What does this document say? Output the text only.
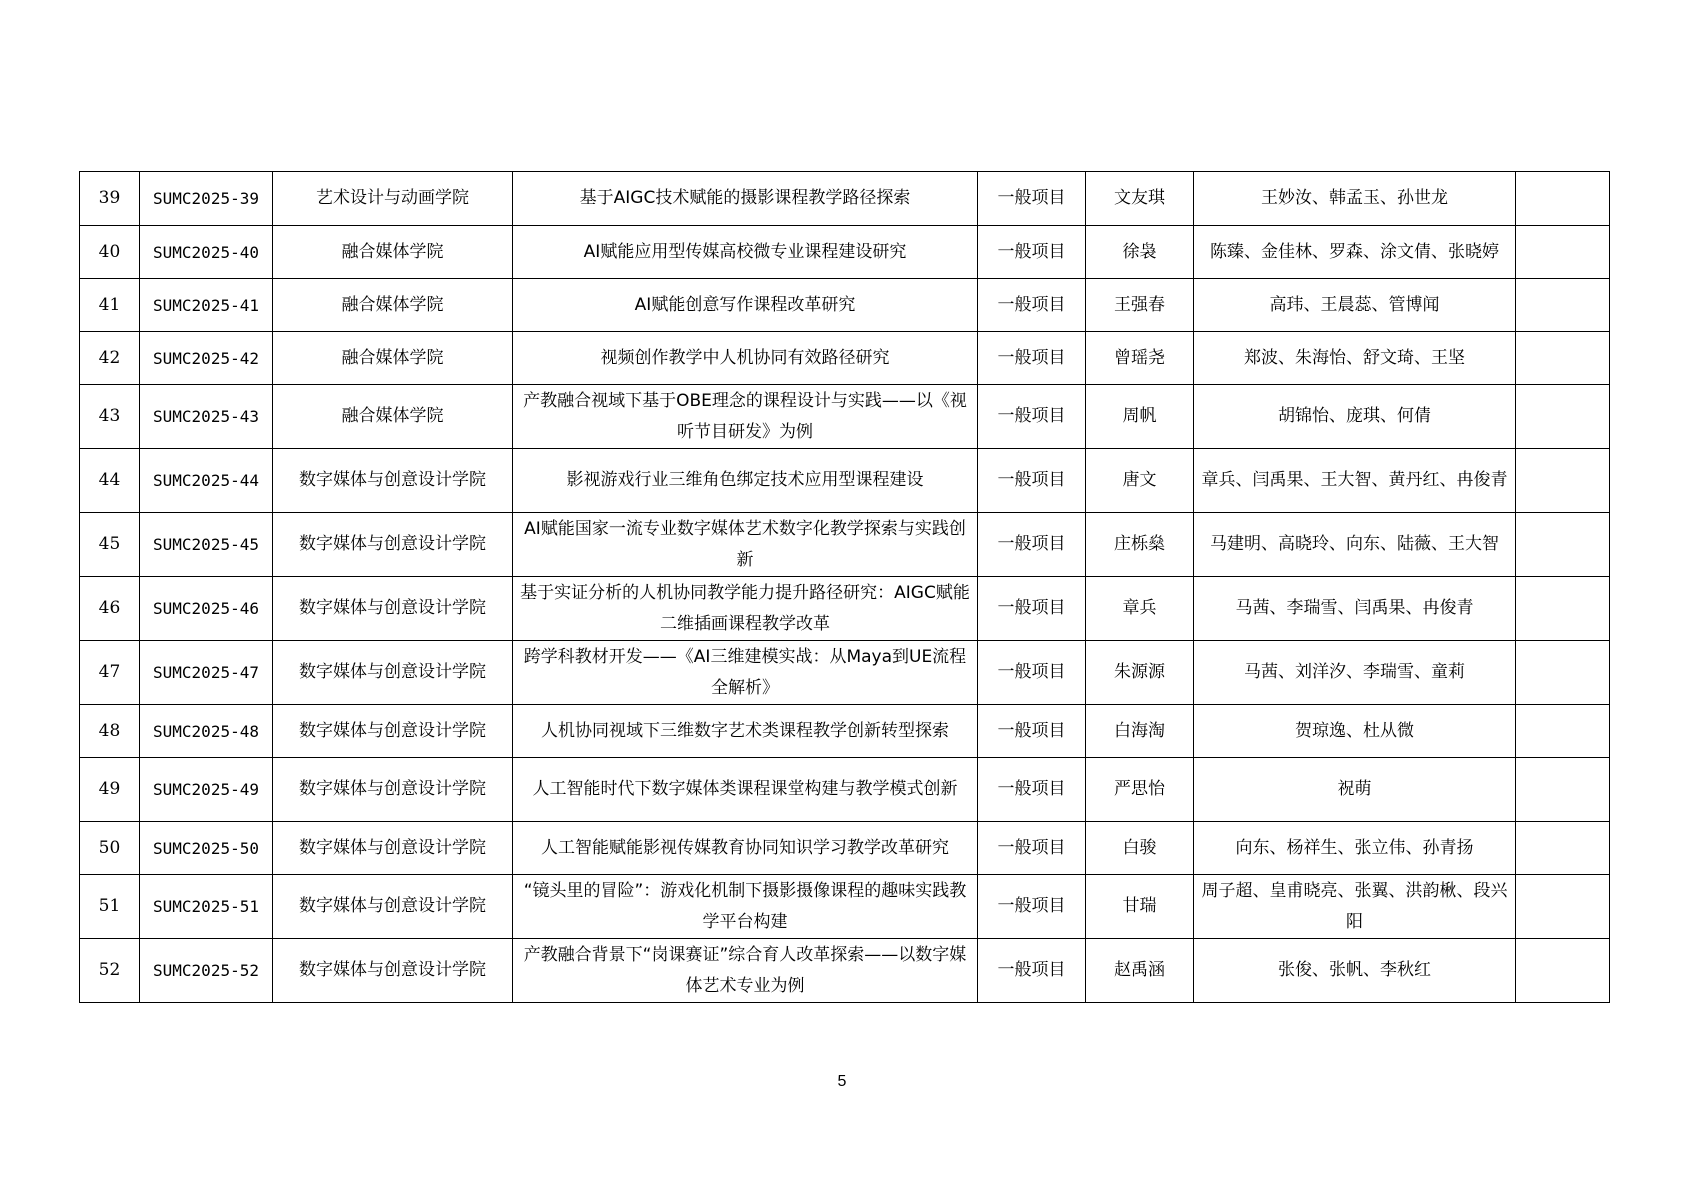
39	SUMC2025-39	艺术设计与动画学院	基于AIGC技术赋能的摄影课程教学路径探索	一般项目	文友琪	王妙汝、韩孟玉、孙世龙	
40	SUMC2025-40	融合媒体学院	AI赋能应用型传媒高校微专业课程建设研究	一般项目	徐袅	陈臻、金佳林、罗森、涂文倩、张晓婷	
41	SUMC2025-41	融合媒体学院	AI赋能创意写作课程改革研究	一般项目	王强春	高玮、王晨蕊、管博闻	
42	SUMC2025-42	融合媒体学院	视频创作教学中人机协同有效路径研究	一般项目	曾瑶尧	郑波、朱海怡、舒文琦、王坚	
43	SUMC2025-43	融合媒体学院	产教融合视域下基于OBE理念的课程设计与实践——以《视听节目研发》为例	一般项目	周帆	胡锦怡、庞琪、何倩	
44	SUMC2025-44	数字媒体与创意设计学院	影视游戏行业三维角色绑定技术应用型课程建设	一般项目	唐文	章兵、闫禹果、王大智、黄丹红、冉俊青	
45	SUMC2025-45	数字媒体与创意设计学院	AI赋能国家一流专业数字媒体艺术数字化教学探索与实践创新	一般项目	庄栎燊	马建明、高晓玲、向东、陆薇、王大智	
46	SUMC2025-46	数字媒体与创意设计学院	基于实证分析的人机协同教学能力提升路径研究：AIGC赋能二维插画课程教学改革	一般项目	章兵	马茜、李瑞雪、闫禹果、冉俊青	
47	SUMC2025-47	数字媒体与创意设计学院	跨学科教材开发——《AI三维建模实战：从Maya到UE流程全解析》	一般项目	朱源源	马茜、刘洋汐、李瑞雪、童莉	
48	SUMC2025-48	数字媒体与创意设计学院	人机协同视域下三维数字艺术类课程教学创新转型探索	一般项目	白海淘	贺琼逸、杜从微	
49	SUMC2025-49	数字媒体与创意设计学院	人工智能时代下数字媒体类课程课堂构建与教学模式创新	一般项目	严思怡	祝萌	
50	SUMC2025-50	数字媒体与创意设计学院	人工智能赋能影视传媒教育协同知识学习教学改革研究	一般项目	白骏	向东、杨祥生、张立伟、孙青扬	
51	SUMC2025-51	数字媒体与创意设计学院	“镜头里的冒险”：游戏化机制下摄影摄像课程的趣味实践教学平台构建	一般项目	甘瑞	周子超、皇甫晓亮、张翼、洪韵楸、段兴阳	
52	SUMC2025-52	数字媒体与创意设计学院	产教融合背景下“岗课赛证”综合育人改革探索——以数字媒体艺术专业为例	一般项目	赵禹涵	张俊、张帆、李秋红	
5
